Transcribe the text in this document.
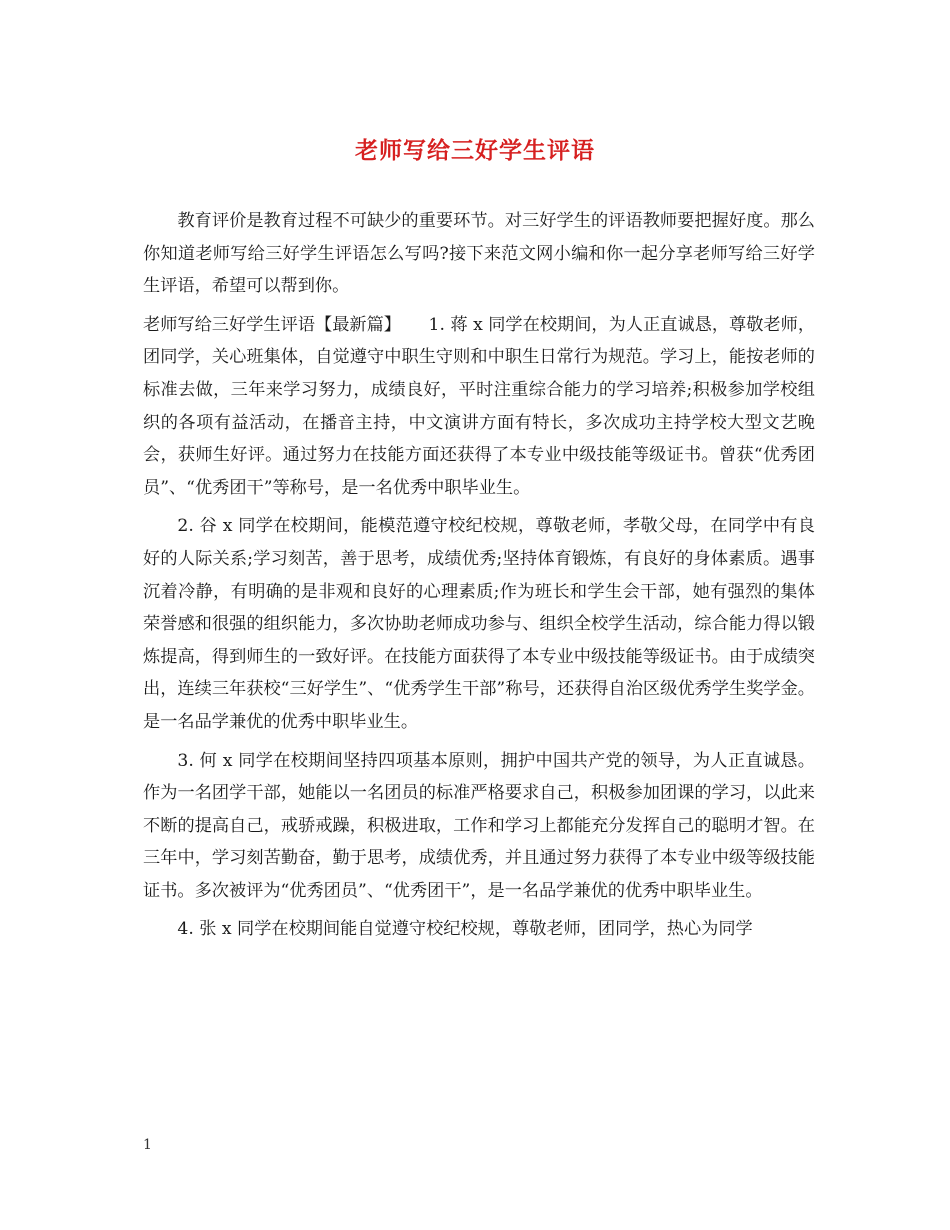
老师写给三好学生评语

教育评价是教育过程不可缺少的重要环节。对三好学生的评语教师要把握好度。那么你知道老师写给三好学生评语怎么写吗?接下来范文网小编和你一起分享老师写给三好学生评语，希望可以帮到你。

老师写给三好学生评语【最新篇】 1. 蒋 x 同学在校期间，为人正直诚恳，尊敬老师，团同学，关心班集体，自觉遵守中职生守则和中职生日常行为规范。学习上，能按老师的标准去做，三年来学习努力，成绩良好，平时注重综合能力的学习培养;积极参加学校组织的各项有益活动，在播音主持，中文演讲方面有特长，多次成功主持学校大型文艺晚会，获师生好评。通过努力在技能方面还获得了本专业中级技能等级证书。曾获“优秀团员”、“优秀团干”等称号，是一名优秀中职毕业生。

2. 谷 x 同学在校期间，能模范遵守校纪校规，尊敬老师，孝敬父母，在同学中有良好的人际关系;学习刻苦，善于思考，成绩优秀;坚持体育锻炼，有良好的身体素质。遇事沉着冷静，有明确的是非观和良好的心理素质;作为班长和学生会干部，她有强烈的集体荣誉感和很强的组织能力，多次协助老师成功参与、组织全校学生活动，综合能力得以锻炼提高，得到师生的一致好评。在技能方面获得了本专业中级技能等级证书。由于成绩突出，连续三年获校“三好学生”、“优秀学生干部”称号，还获得自治区级优秀学生奖学金。是一名品学兼优的优秀中职毕业生。

3. 何 x 同学在校期间坚持四项基本原则，拥护中国共产党的领导，为人正直诚恳。作为一名团学干部，她能以一名团员的标准严格要求自己，积极参加团课的学习，以此来不断的提高自己，戒骄戒躁，积极进取，工作和学习上都能充分发挥自己的聪明才智。在三年中，学习刻苦勤奋，勤于思考，成绩优秀，并且通过努力获得了本专业中级等级技能证书。多次被评为“优秀团员”、“优秀团干”，是一名品学兼优的优秀中职毕业生。

4. 张 x 同学在校期间能自觉遵守校纪校规，尊敬老师，团同学，热心为同学

1
